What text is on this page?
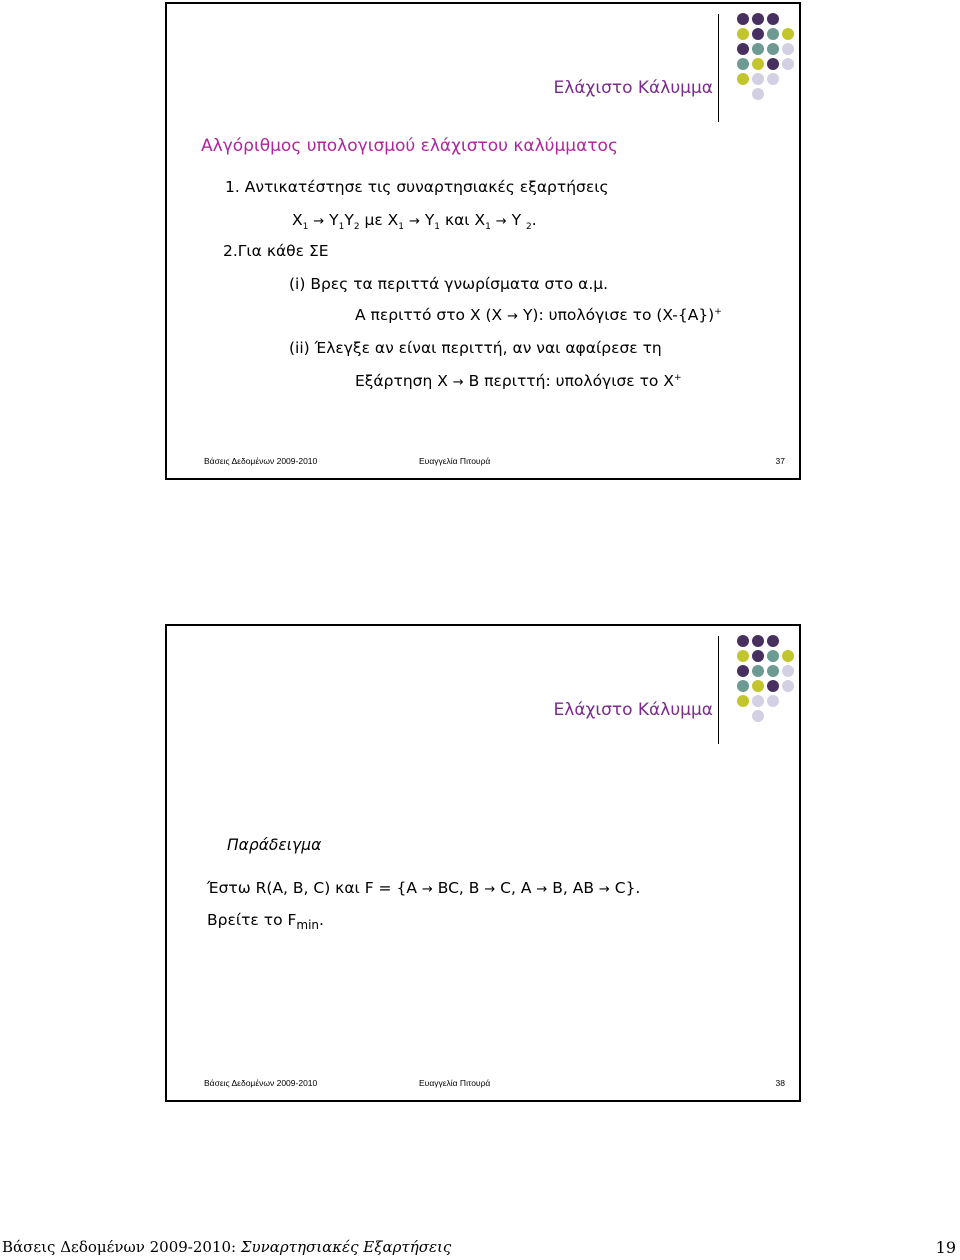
Ελάχιστο Κάλυμμα
Αλγόριθμος υπολογισμού ελάχιστου καλύμματος
1. Αντικατέστησε τις συναρτησιακές εξαρτήσεις
$X_1 \to Y_1Y_2$ με $X_1 \to Y_1$ και $X_1 \to Y$ $_2$.
2.Για κάθε ΣΕ
(i) Βρες τα περιττά γνωρίσματα στο α.μ.
A περιττό στο X (X → Y): υπολόγισε το (X-{A})+
(ii) Έλεγξε αν είναι περιττή, αν ναι αφαίρεσε τη
Εξάρτηση X → B περιττή: υπολόγισε το X+
Βάσεις Δεδομένων 2009-2010	Ευαγγελία Πιτουρά	37
Ελάχιστο Κάλυμμα
Παράδειγμα
Έστω R(A, B, C) και F = {A → BC, B → C, A → B, AB → C}.
Βρείτε το $F_{min}$.
Βάσεις Δεδομένων 2009-2010	Ευαγγελία Πιτουρά	38
Βάσεις Δεδομένων 2009-2010: Συναρτησιακές Εξαρτήσεις	19
